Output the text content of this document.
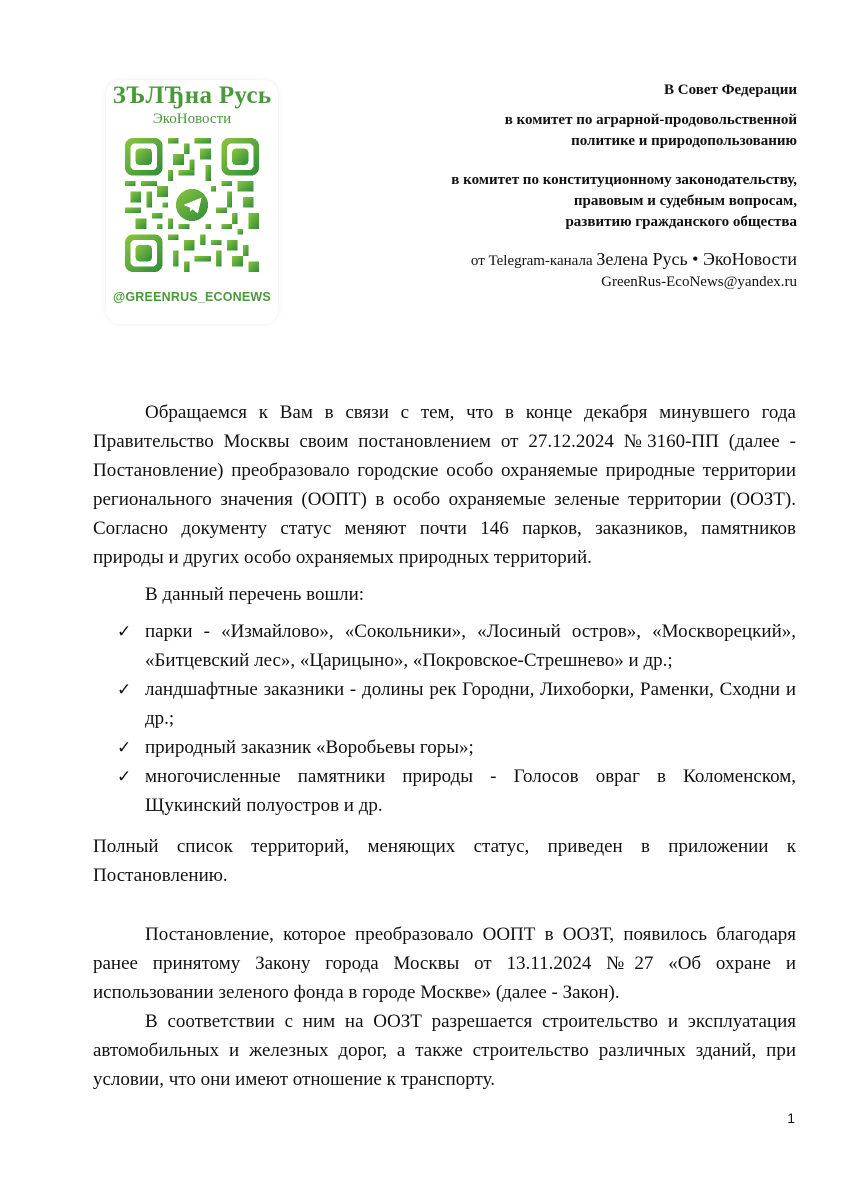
ЗЪЛЂна Русь
ЭкоНовости
@GREENRUS_ECONEWS
В Совет Федерации
в комитет по аграрной-продовольственной
политике и природопользованию
в комитет по конституционному законодательству,
правовым и судебным вопросам,
развитию гражданского общества
от Telegram-канала Зелена Русь • ЭкоНовости
GreenRus-EcoNews@yandex.ru

Обращаемся к Вам в связи с тем, что в конце декабря минувшего года Правительство Москвы своим постановлением от 27.12.2024 №3160-ПП (далее - Постановление) преобразовало городские особо охраняемые природные территории регионального значения (ООПТ) в особо охраняемые зеленые территории (ООЗТ). Согласно документу статус меняют почти 146 парков, заказников, памятников природы и других особо охраняемых природных территорий.

В данный перечень вошли:

✓ парки - «Измайлово», «Сокольники», «Лосиный остров», «Москворецкий», «Битцевский лес», «Царицыно», «Покровское-Стрешнево» и др.;
✓ ландшафтные заказники - долины рек Городни, Лихоборки, Раменки, Сходни и др.;
✓ природный заказник «Воробьевы горы»;
✓ многочисленные памятники природы - Голосов овраг в Коломенском, Щукинский полуостров и др.

Полный список территорий, меняющих статус, приведен в приложении к Постановлению.

Постановление, которое преобразовало ООПТ в ООЗТ, появилось благодаря ранее принятому Закону города Москвы от 13.11.2024 №27 «Об охране и использовании зеленого фонда в городе Москве» (далее - Закон).

В соответствии с ним на ООЗТ разрешается строительство и эксплуатация автомобильных и железных дорог, а также строительство различных зданий, при условии, что они имеют отношение к транспорту.

1
